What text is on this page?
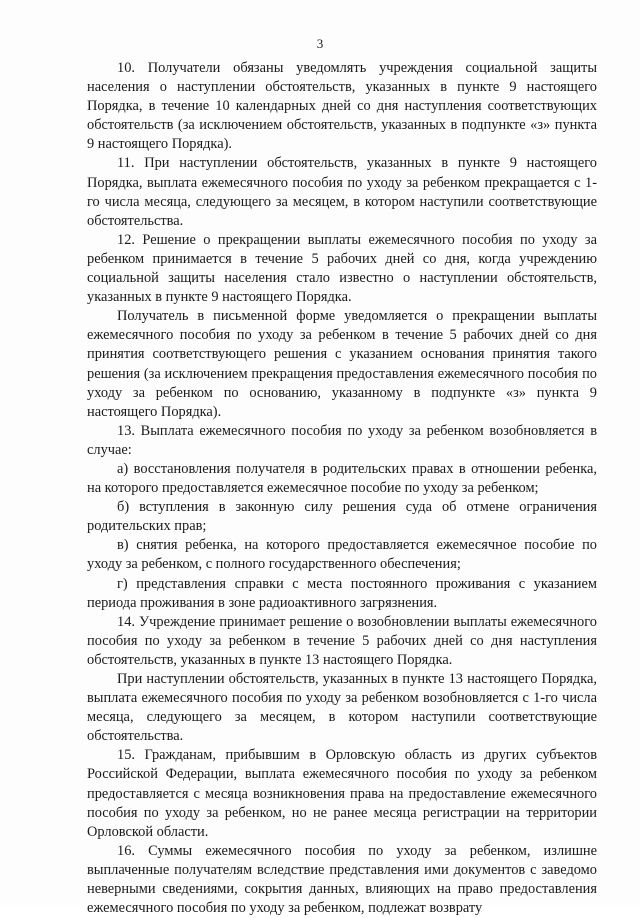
3

10. Получатели обязаны уведомлять учреждения социальной защиты населения о наступлении обстоятельств, указанных в пункте 9 настоящего Порядка, в течение 10 календарных дней со дня наступления соответствующих обстоятельств (за исключением обстоятельств, указанных в подпункте «з» пункта 9 настоящего Порядка).

11. При наступлении обстоятельств, указанных в пункте 9 настоящего Порядка, выплата ежемесячного пособия по уходу за ребенком прекращается с 1-го числа месяца, следующего за месяцем, в котором наступили соответствующие обстоятельства.

12. Решение о прекращении выплаты ежемесячного пособия по уходу за ребенком принимается в течение 5 рабочих дней со дня, когда учреждению социальной защиты населения стало известно о наступлении обстоятельств, указанных в пункте 9 настоящего Порядка.

Получатель в письменной форме уведомляется о прекращении выплаты ежемесячного пособия по уходу за ребенком в течение 5 рабочих дней со дня принятия соответствующего решения с указанием основания принятия такого решения (за исключением прекращения предоставления ежемесячного пособия по уходу за ребенком по основанию, указанному в подпункте «з» пункта 9 настоящего Порядка).

13. Выплата ежемесячного пособия по уходу за ребенком возобновляется в случае:

а) восстановления получателя в родительских правах в отношении ребенка, на которого предоставляется ежемесячное пособие по уходу за ребенком;

б) вступления в законную силу решения суда об отмене ограничения родительских прав;

в) снятия ребенка, на которого предоставляется ежемесячное пособие по уходу за ребенком, с полного государственного обеспечения;

г) представления справки с места постоянного проживания с указанием периода проживания в зоне радиоактивного загрязнения.

14. Учреждение принимает решение о возобновлении выплаты ежемесячного пособия по уходу за ребенком в течение 5 рабочих дней со дня наступления обстоятельств, указанных в пункте 13 настоящего Порядка.

При наступлении обстоятельств, указанных в пункте 13 настоящего Порядка, выплата ежемесячного пособия по уходу за ребенком возобновляется с 1-го числа месяца, следующего за месяцем, в котором наступили соответствующие обстоятельства.

15. Гражданам, прибывшим в Орловскую область из других субъектов Российской Федерации, выплата ежемесячного пособия по уходу за ребенком предоставляется с месяца возникновения права на предоставление ежемесячного пособия по уходу за ребенком, но не ранее месяца регистрации на территории Орловской области.

16. Суммы ежемесячного пособия по уходу за ребенком, излишне выплаченные получателям вследствие представления ими документов с заведомо неверными сведениями, сокрытия данных, влияющих на право предоставления ежемесячного пособия по уходу за ребенком, подлежат возврату
